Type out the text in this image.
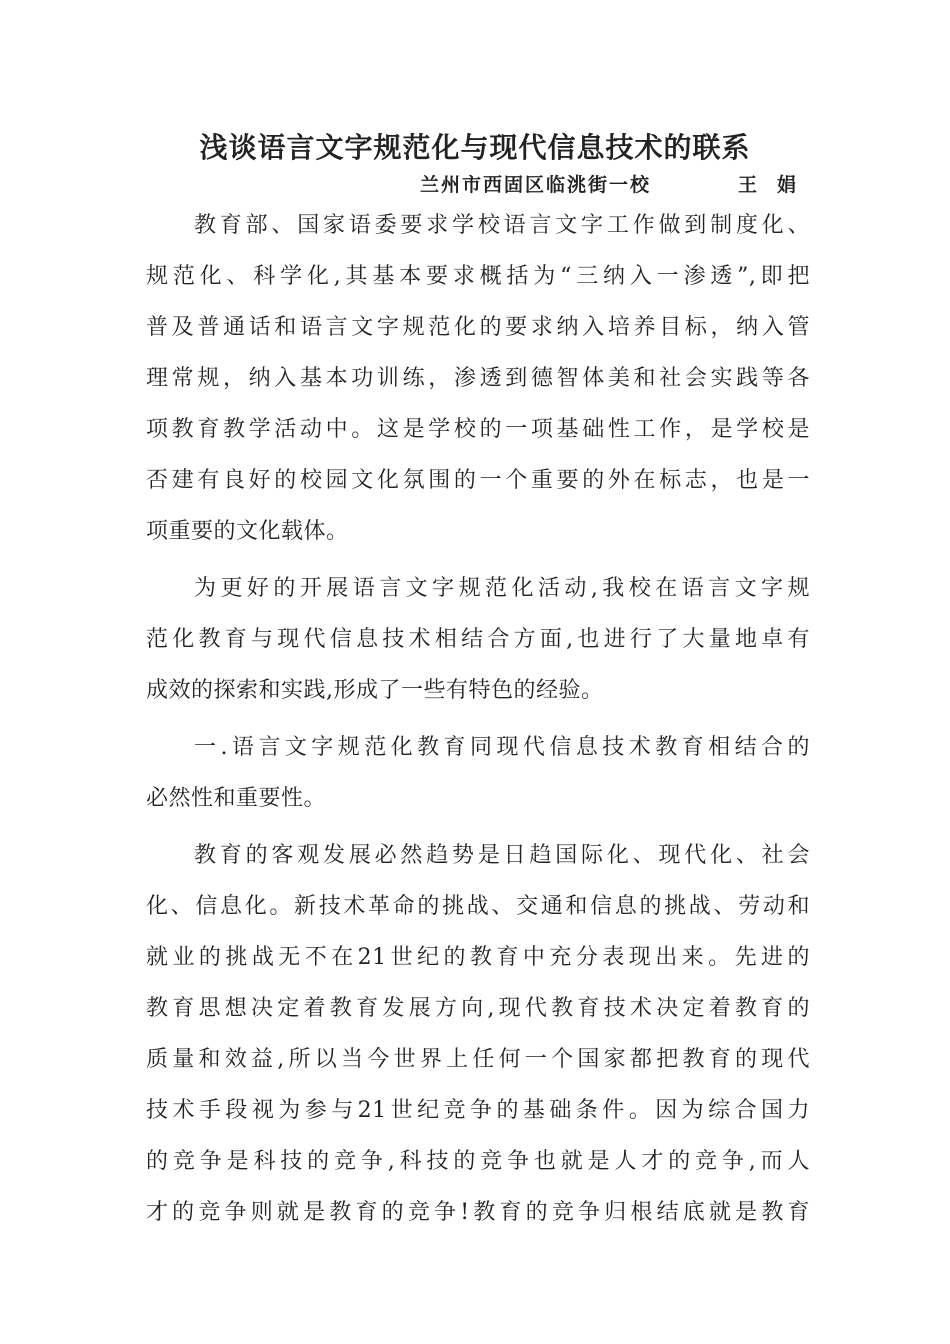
浅谈语言文字规范化与现代信息技术的联系
兰州市西固区临洮街一校	王娟
教育部、国家语委要求学校语言文字工作做到制度化、
规范化、科学化,其基本要求概括为“三纳入一渗透”,即把
普及普通话和语言文字规范化的要求纳入培养目标，纳入管
理常规，纳入基本功训练，渗透到德智体美和社会实践等各
项教育教学活动中。这是学校的一项基础性工作，是学校是
否建有良好的校园文化氛围的一个重要的外在标志，也是一
项重要的文化载体。
为更好的开展语言文字规范化活动,我校在语言文字规
范化教育与现代信息技术相结合方面,也进行了大量地卓有
成效的探索和实践,形成了一些有特色的经验。
一.语言文字规范化教育同现代信息技术教育相结合的
必然性和重要性。
教育的客观发展必然趋势是日趋国际化、现代化、社会
化、信息化。新技术革命的挑战、交通和信息的挑战、劳动和
就业的挑战无不在21世纪的教育中充分表现出来。先进的
教育思想决定着教育发展方向,现代教育技术决定着教育的
质量和效益,所以当今世界上任何一个国家都把教育的现代
技术手段视为参与21世纪竞争的基础条件。因为综合国力
的竞争是科技的竞争,科技的竞争也就是人才的竞争,而人
才的竞争则就是教育的竞争!教育的竞争归根结底就是教育
